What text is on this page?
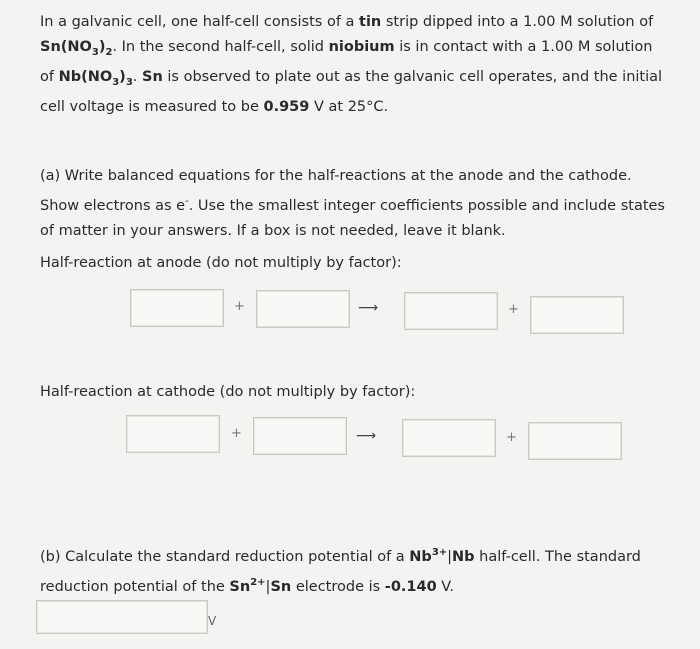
In a galvanic cell, one half-cell consists of a tin strip dipped into a 1.00 M solution of $Sn(NO_3)_2$. In the second half-cell, solid niobium is in contact with a 1.00 M solution of $Nb(NO_3)_3$. Sn is observed to plate out as the galvanic cell operates, and the initial cell voltage is measured to be 0.959 V at 25°C.
(a) Write balanced equations for the half-reactions at the anode and the cathode. Show electrons as e-. Use the smallest integer coefficients possible and include states of matter in your answers. If a box is not needed, leave it blank.
Half-reaction at anode (do not multiply by factor):
+	⟶	+
Half-reaction at cathode (do not multiply by factor):
+	⟶	+
(b) Calculate the standard reduction potential of a $Nb^{3+}|Nb$ half-cell. The standard reduction potential of the $Sn^{2+}|Sn$ electrode is -0.140 V.
V
